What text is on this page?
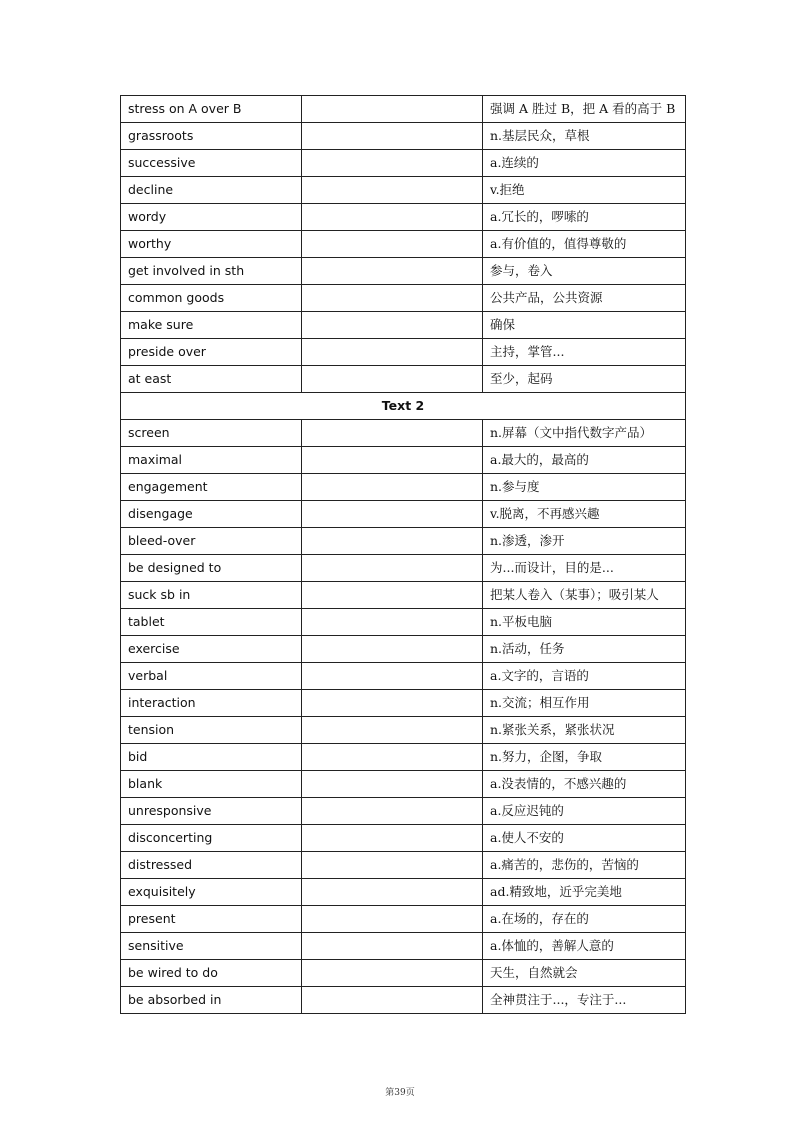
stress on A over B		强调 A 胜过 B，把 A 看的高于 B
grassroots		n.基层民众，草根
successive		a.连续的
decline		v.拒绝
wordy		a.冗长的，啰嗦的
worthy		a.有价值的，值得尊敬的
get involved in sth		参与，卷入
common goods		公共产品，公共资源
make sure		确保
preside over		主持，掌管...
at east		至少，起码
Text 2		
screen		n.屏幕（文中指代数字产品）
maximal		a.最大的，最高的
engagement		n.参与度
disengage		v.脱离，不再感兴趣
bleed-over		n.渗透，渗开
be designed to		为...而设计，目的是...
suck sb in		把某人卷入（某事）；吸引某人
tablet		n.平板电脑
exercise		n.活动，任务
verbal		a.文字的，言语的
interaction		n.交流；相互作用
tension		n.紧张关系，紧张状况
bid		n.努力，企图，争取
blank		a.没表情的，不感兴趣的
unresponsive		a.反应迟钝的
disconcerting		a.使人不安的
distressed		a.痛苦的，悲伤的，苦恼的
exquisitely		ad.精致地，近乎完美地
present		a.在场的，存在的
sensitive		a.体恤的，善解人意的
be wired to do		天生，自然就会
be absorbed in		全神贯注于...，专注于...
第39页
